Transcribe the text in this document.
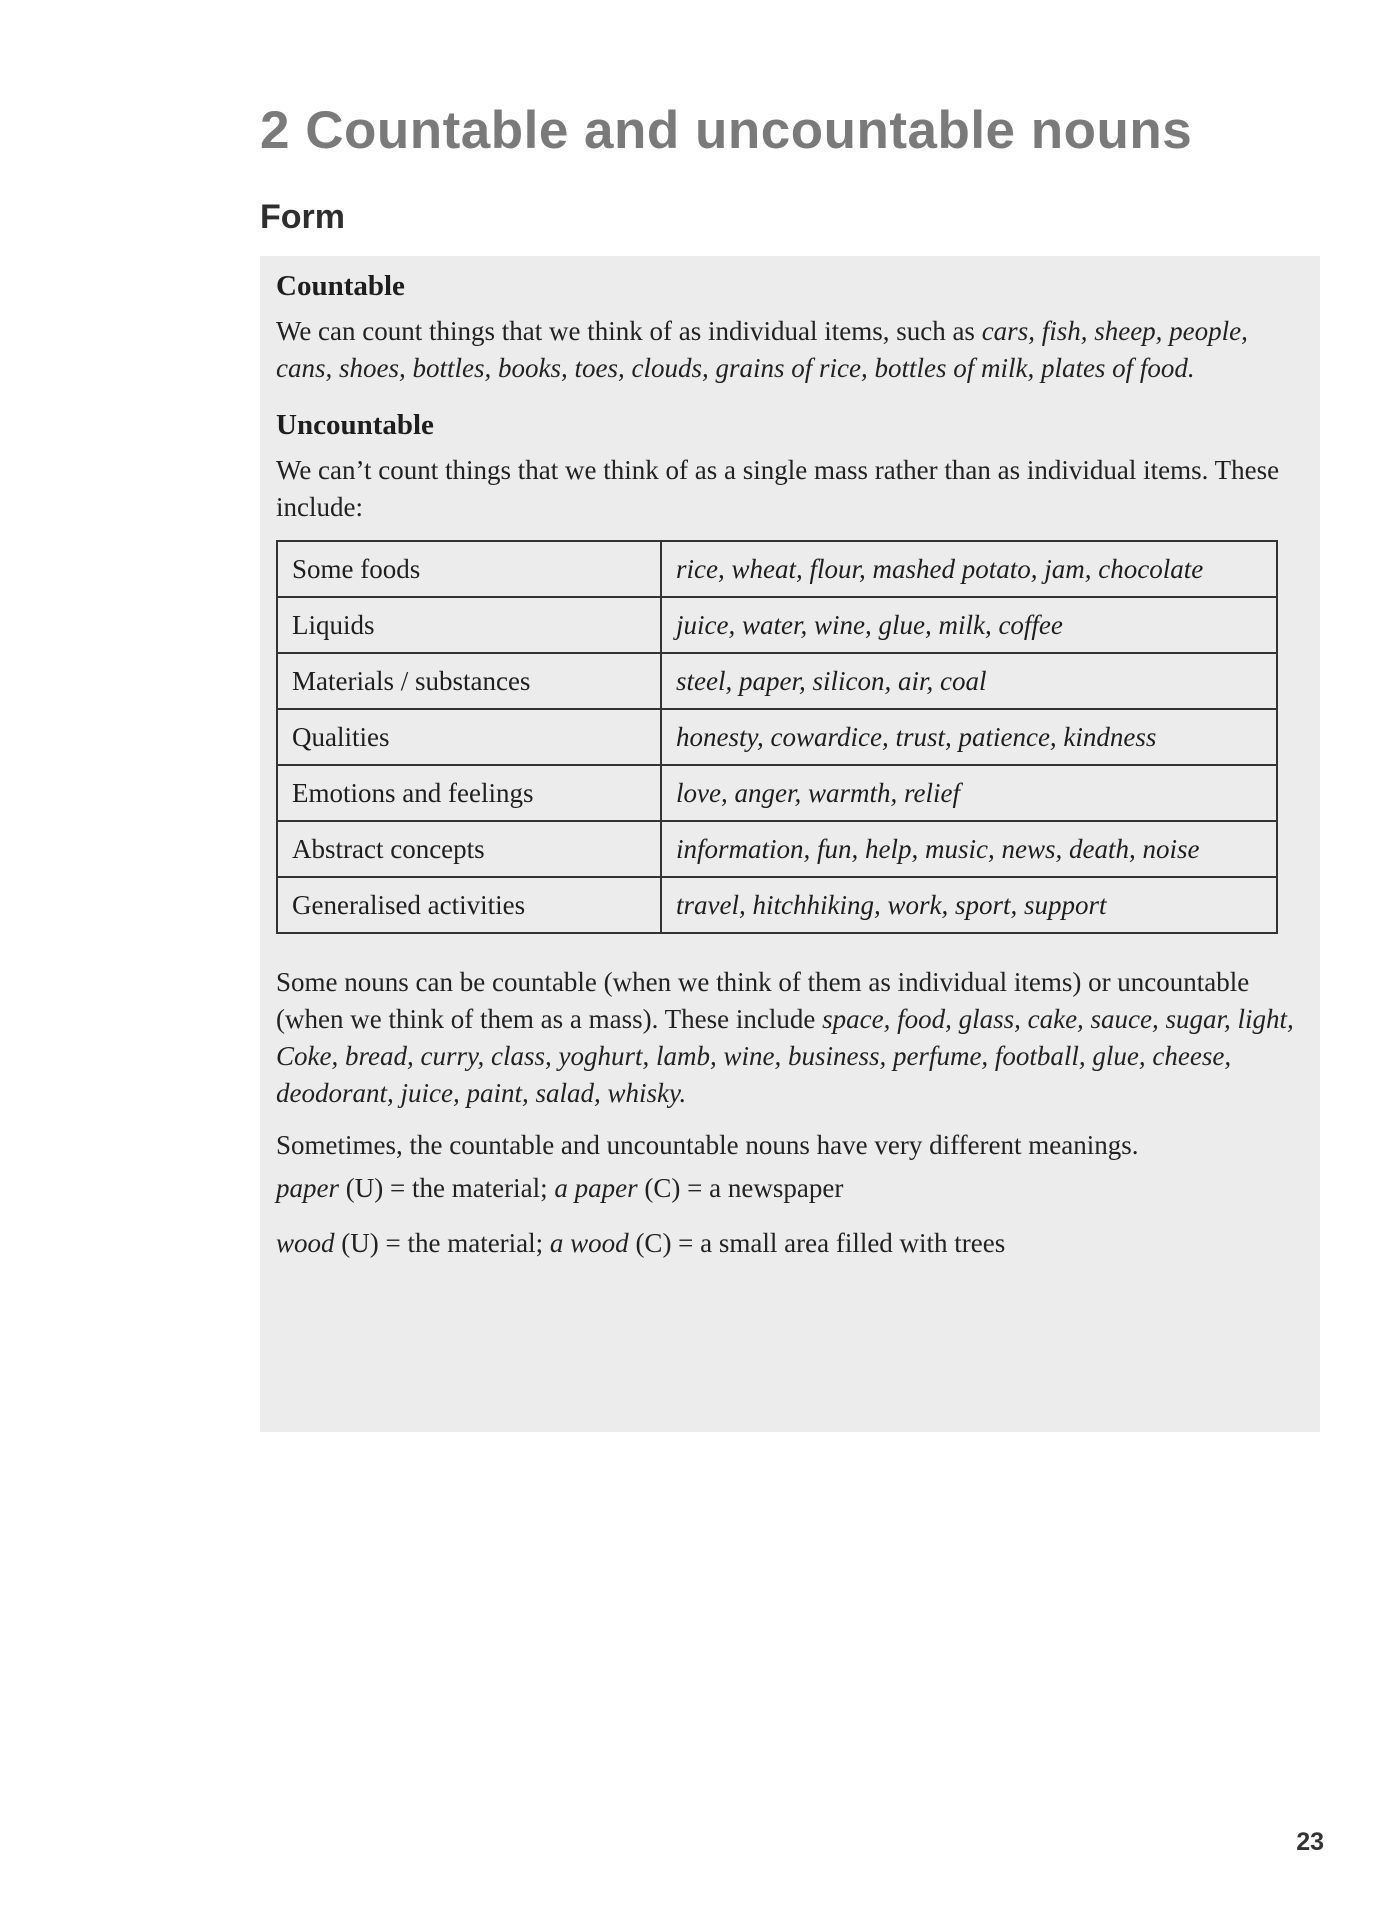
2 Countable and uncountable nouns
Form
Countable

We can count things that we think of as individual items, such as cars, fish, sheep, people, cans, shoes, bottles, books, toes, clouds, grains of rice, bottles of milk, plates of food.

Uncountable

We can’t count things that we think of as a single mass rather than as individual items. These include:

Some foods	rice, wheat, flour, mashed potato, jam, chocolate
Liquids	juice, water, wine, glue, milk, coffee
Materials / substances	steel, paper, silicon, air, coal
Qualities	honesty, cowardice, trust, patience, kindness
Emotions and feelings	love, anger, warmth, relief
Abstract concepts	information, fun, help, music, news, death, noise
Generalised activities	travel, hitchhiking, work, sport, support

Some nouns can be countable (when we think of them as individual items) or uncountable (when we think of them as a mass). These include space, food, glass, cake, sauce, sugar, light, Coke, bread, curry, class, yoghurt, lamb, wine, business, perfume, football, glue, cheese, deodorant, juice, paint, salad, whisky.

Sometimes, the countable and uncountable nouns have very different meanings.

paper (U) = the material; a paper (C) = a newspaper

wood (U) = the material; a wood (C) = a small area filled with trees

23
